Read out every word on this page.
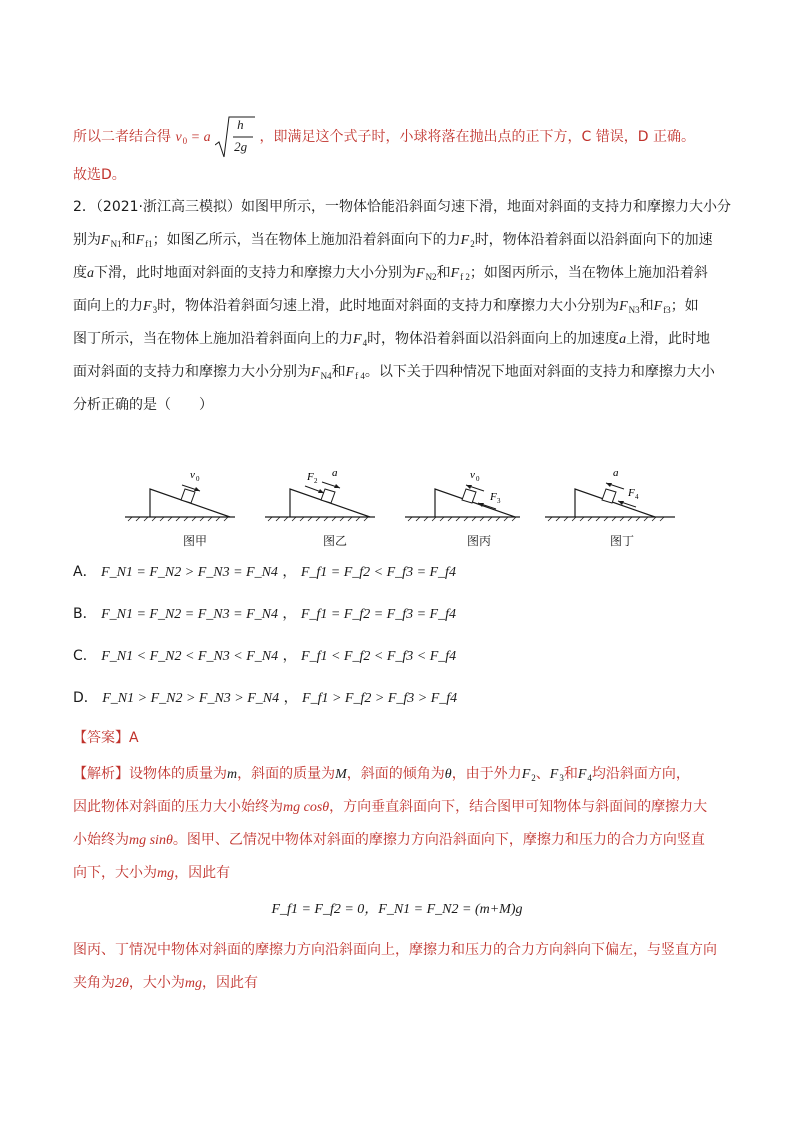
所以二者结合得 $v_0 = a$
h
2g
，即满足这个式子时，小球将落在抛出点的正下方，C 错误，D 正确。
故选D。
2．（2021·浙江高三模拟）如图甲所示，一物体恰能沿斜面匀速下滑，地面对斜面的支持力和摩擦力大小分
别为$F_{N1}$和$F_{f1}$；如图乙所示，当在物体上施加沿着斜面向下的力$F_2$时，物体沿着斜面以沿斜面向下的加速
度a下滑，此时地面对斜面的支持力和摩擦力大小分别为$F_{N2}$和$F_{f 2}$；如图丙所示，当在物体上施加沿着斜
面向上的力$F_3$时，物体沿着斜面匀速上滑，此时地面对斜面的支持力和摩擦力大小分别为$F_{N3}$和$F_{f3}$；如
图丁所示，当在物体上施加沿着斜面向上的力$F_4$时，物体沿着斜面以沿斜面向上的加速度a上滑，此时地
面对斜面的支持力和摩擦力大小分别为$F_{N4}$和$F_{f 4}$。以下关于四种情况下地面对斜面的支持力和摩擦力大小
分析正确的是（　　）
v 0	F 2
a	v 0
F 3
a
F 4
图甲	图乙	图丙	图丁
A． F_N1 = F_N2 > F_N3 = F_N4 ， F_f1 = F_f2 < F_f3 = F_f4
B． F_N1 = F_N2 = F_N3 = F_N4 ， F_f1 = F_f2 = F_f3 = F_f4
C． F_N1 < F_N2 < F_N3 < F_N4 ， F_f1 < F_f2 < F_f3 < F_f4
D． F_N1 > F_N2 > F_N3 > F_N4 ， F_f1 > F_f2 > F_f3 > F_f4
【答案】A
【解析】设物体的质量为m，斜面的质量为M，斜面的倾角为θ，由于外力$F_2$、$F_3$和$F_4$均沿斜面方向，
因此物体对斜面的压力大小始终为mg cosθ，方向垂直斜面向下，结合图甲可知物体与斜面间的摩擦力大
小始终为mg sinθ。图甲、乙情况中物体对斜面的摩擦力方向沿斜面向下，摩擦力和压力的合力方向竖直
向下，大小为mg，因此有
F_f1 = F_f2 = 0，F_N1 = F_N2 = (m+M)g
图丙、丁情况中物体对斜面的摩擦力方向沿斜面向上，摩擦力和压力的合力方向斜向下偏左，与竖直方向
夹角为2θ，大小为mg，因此有
